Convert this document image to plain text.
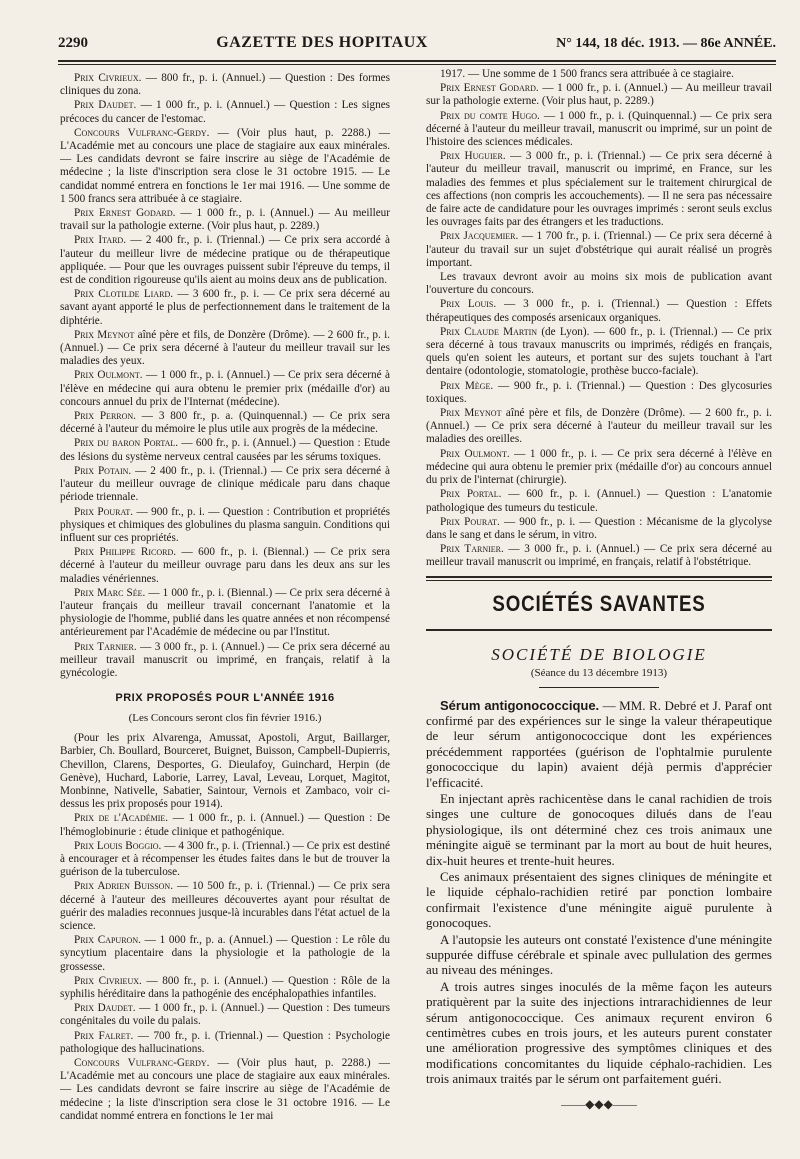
2290	GAZETTE DES HOPITAUX	N° 144, 18 déc. 1913. — 86e ANNÉE.

Prix Civrieux. — 800 fr., p. i. (Annuel.) — Question : Des formes cliniques du zona.

Prix Daudet. — 1 000 fr., p. i. (Annuel.) — Question : Les signes précoces du cancer de l'estomac.

Concours Vulfranc-Gerdy. — (Voir plus haut, p. 2288.) — L'Académie met au concours une place de stagiaire aux eaux minérales. — Les candidats devront se faire inscrire au siège de l'Académie de médecine ; la liste d'inscription sera close le 31 octobre 1915. — Le candidat nommé entrera en fonctions le 1er mai 1916. — Une somme de 1 500 francs sera attribuée à ce stagiaire.

Prix Ernest Godard. — 1 000 fr., p. i. (Annuel.) — Au meilleur travail sur la pathologie externe. (Voir plus haut, p. 2289.)

Prix Itard. — 2 400 fr., p. i. (Triennal.) — Ce prix sera accordé à l'auteur du meilleur livre de médecine pratique ou de thérapeutique appliquée. — Pour que les ouvrages puissent subir l'épreuve du temps, il est de condition rigoureuse qu'ils aient au moins deux ans de publication.

Prix Clotilde Liard. — 3 600 fr., p. i. — Ce prix sera décerné au savant ayant apporté le plus de perfectionnement dans le traitement de la diphtérie.

Prix Meynot aîné père et fils, de Donzère (Drôme). — 2 600 fr., p. i. (Annuel.) — Ce prix sera décerné à l'auteur du meilleur travail sur les maladies des yeux.

Prix Oulmont. — 1 000 fr., p. i. (Annuel.) — Ce prix sera décerné à l'élève en médecine qui aura obtenu le premier prix (médaille d'or) au concours annuel du prix de l'Internat (médecine).

Prix Perron. — 3 800 fr., p. a. (Quinquennal.) — Ce prix sera décerné à l'auteur du mémoire le plus utile aux progrès de la médecine.

Prix du baron Portal. — 600 fr., p. i. (Annuel.) — Question : Etude des lésions du système nerveux central causées par les sérums toxiques.

Prix Potain. — 2 400 fr., p. i. (Triennal.) — Ce prix sera décerné à l'auteur du meilleur ouvrage de clinique médicale paru dans chaque période triennale.

Prix Pourat. — 900 fr., p. i. — Question : Contribution et propriétés physiques et chimiques des globulines du plasma sanguin. Conditions qui influent sur ces propriétés.

Prix Philippe Ricord. — 600 fr., p. i. (Biennal.) — Ce prix sera décerné à l'auteur du meilleur ouvrage paru dans les deux ans sur les maladies vénériennes.

Prix Marc Sée. — 1 000 fr., p. i. (Biennal.) — Ce prix sera décerné à l'auteur français du meilleur travail concernant l'anatomie et la physiologie de l'homme, publié dans les quatre années et non récompensé antérieurement par l'Académie de médecine ou par l'Institut.

Prix Tarnier. — 3 000 fr., p. i. (Annuel.) — Ce prix sera décerné au meilleur travail manuscrit ou imprimé, en français, relatif à la gynécologie.

PRIX PROPOSÉS POUR L'ANNÉE 1916
(Les Concours seront clos fin février 1916.)

(Pour les prix Alvarenga, Amussat, Apostoli, Argut, Baillarger, Barbier, Ch. Boullard, Bourceret, Buignet, Buisson, Campbell-Dupierris, Chevillon, Clarens, Desportes, G. Dieulafoy, Guinchard, Herpin (de Genève), Huchard, Laborie, Larrey, Laval, Leveau, Lorquet, Magitot, Monbinne, Nativelle, Sabatier, Saintour, Vernois et Zambaco, voir ci-dessus les prix proposés pour 1914).

Prix de l'Académie. — 1 000 fr., p. i. (Annuel.) — Question : De l'hémoglobinurie : étude clinique et pathogénique.

Prix Louis Boggio. — 4 300 fr., p. i. (Triennal.) — Ce prix est destiné à encourager et à récompenser les études faites dans le but de trouver la guérison de la tuberculose.

Prix Adrien Buisson. — 10 500 fr., p. i. (Triennal.) — Ce prix sera décerné à l'auteur des meilleures découvertes ayant pour résultat de guérir des maladies reconnues jusque-là incurables dans l'état actuel de la science.

Prix Capuron. — 1 000 fr., p. a. (Annuel.) — Question : Le rôle du syncytium placentaire dans la physiologie et la pathologie de la grossesse.

Prix Civrieux. — 800 fr., p. i. (Annuel.) — Question : Rôle de la syphilis héréditaire dans la pathogénie des encéphalopathies infantiles.

Prix Daudet. — 1 000 fr., p. i. (Annuel.) — Question : Des tumeurs congénitales du voile du palais.

Prix Falret. — 700 fr., p. i. (Triennal.) — Question : Psychologie pathologique des hallucinations.

Concours Vulfranc-Gerdy. — (Voir plus haut, p. 2288.) — L'Académie met au concours une place de stagiaire aux eaux minérales. — Les candidats devront se faire inscrire au siège de l'Académie de médecine ; la liste d'inscription sera close le 31 octobre 1916. — Le candidat nommé entrera en fonctions le 1er mai

1917. — Une somme de 1 500 francs sera attribuée à ce stagiaire.

Prix Ernest Godard. — 1 000 fr., p. i. (Annuel.) — Au meilleur travail sur la pathologie externe. (Voir plus haut, p. 2289.)

Prix du comte Hugo. — 1 000 fr., p. i. (Quinquennal.) — Ce prix sera décerné à l'auteur du meilleur travail, manuscrit ou imprimé, sur un point de l'histoire des sciences médicales.

Prix Huguier. — 3 000 fr., p. i. (Triennal.) — Ce prix sera décerné à l'auteur du meilleur travail, manuscrit ou imprimé, en France, sur les maladies des femmes et plus spécialement sur le traitement chirurgical de ces affections (non compris les accouchements). — Il ne sera pas nécessaire de faire acte de candidature pour les ouvrages imprimés : seront seuls exclus les ouvrages faits par des étrangers et les traductions.

Prix Jacquemier. — 1 700 fr., p. i. (Triennal.) — Ce prix sera décerné à l'auteur du travail sur un sujet d'obstétrique qui aurait réalisé un progrès important.

Les travaux devront avoir au moins six mois de publication avant l'ouverture du concours.

Prix Louis. — 3 000 fr., p. i. (Triennal.) — Question : Effets thérapeutiques des composés arsenicaux organiques.

Prix Claude Martin (de Lyon). — 600 fr., p. i. (Triennal.) — Ce prix sera décerné à tous travaux manuscrits ou imprimés, rédigés en français, quels qu'en soient les auteurs, et portant sur des sujets touchant à l'art dentaire (odontologie, stomatologie, prothèse bucco-faciale).

Prix Mège. — 900 fr., p. i. (Triennal.) — Question : Des glycosuries toxiques.

Prix Meynot aîné père et fils, de Donzère (Drôme). — 2 600 fr., p. i. (Annuel.) — Ce prix sera décerné à l'auteur du meilleur travail sur les maladies des oreilles.

Prix Oulmont. — 1 000 fr., p. i. — Ce prix sera décerné à l'élève en médecine qui aura obtenu le premier prix (médaille d'or) au concours annuel du prix de l'internat (chirurgie).

Prix Portal. — 600 fr., p. i. (Annuel.) — Question : L'anatomie pathologique des tumeurs du testicule.

Prix Pourat. — 900 fr., p. i. — Question : Mécanisme de la glycolyse dans le sang et dans le sérum, in vitro.

Prix Tarnier. — 3 000 fr., p. i. (Annuel.) — Ce prix sera décerné au meilleur travail manuscrit ou imprimé, en français, relatif à l'obstétrique.

SOCIÉTÉS SAVANTES
SOCIÉTÉ DE BIOLOGIE
(Séance du 13 décembre 1913)

Sérum antigonococcique. — MM. R. Debré et J. Paraf ont confirmé par des expériences sur le singe la valeur thérapeutique de leur sérum antigonococcique dont les expériences précédemment rapportées (guérison de l'ophtalmie purulente gonococcique du lapin) avaient déjà permis d'apprécier l'efficacité.

En injectant après rachicentèse dans le canal rachidien de trois singes une culture de gonocoques dilués dans de l'eau physiologique, ils ont déterminé chez ces trois animaux une méningite aiguë se terminant par la mort au bout de huit heures, dix-huit heures et trente-huit heures.

Ces animaux présentaient des signes cliniques de méningite et le liquide céphalo-rachidien retiré par ponction lombaire confirmait l'existence d'une méningite aiguë purulente à gonocoques.

A l'autopsie les auteurs ont constaté l'existence d'une méningite suppurée diffuse cérébrale et spinale avec pullulation des germes au niveau des méninges.

A trois autres singes inoculés de la même façon les auteurs pratiquèrent par la suite des injections intrarachidiennes de leur sérum antigonococcique. Ces animaux reçurent environ 6 centimètres cubes en trois jours, et les auteurs purent constater une amélioration progressive des symptômes cliniques et des modifications concomitantes du liquide céphalo-rachidien. Les trois animaux traités par le sérum ont parfaitement guéri.

——◆◆◆——
